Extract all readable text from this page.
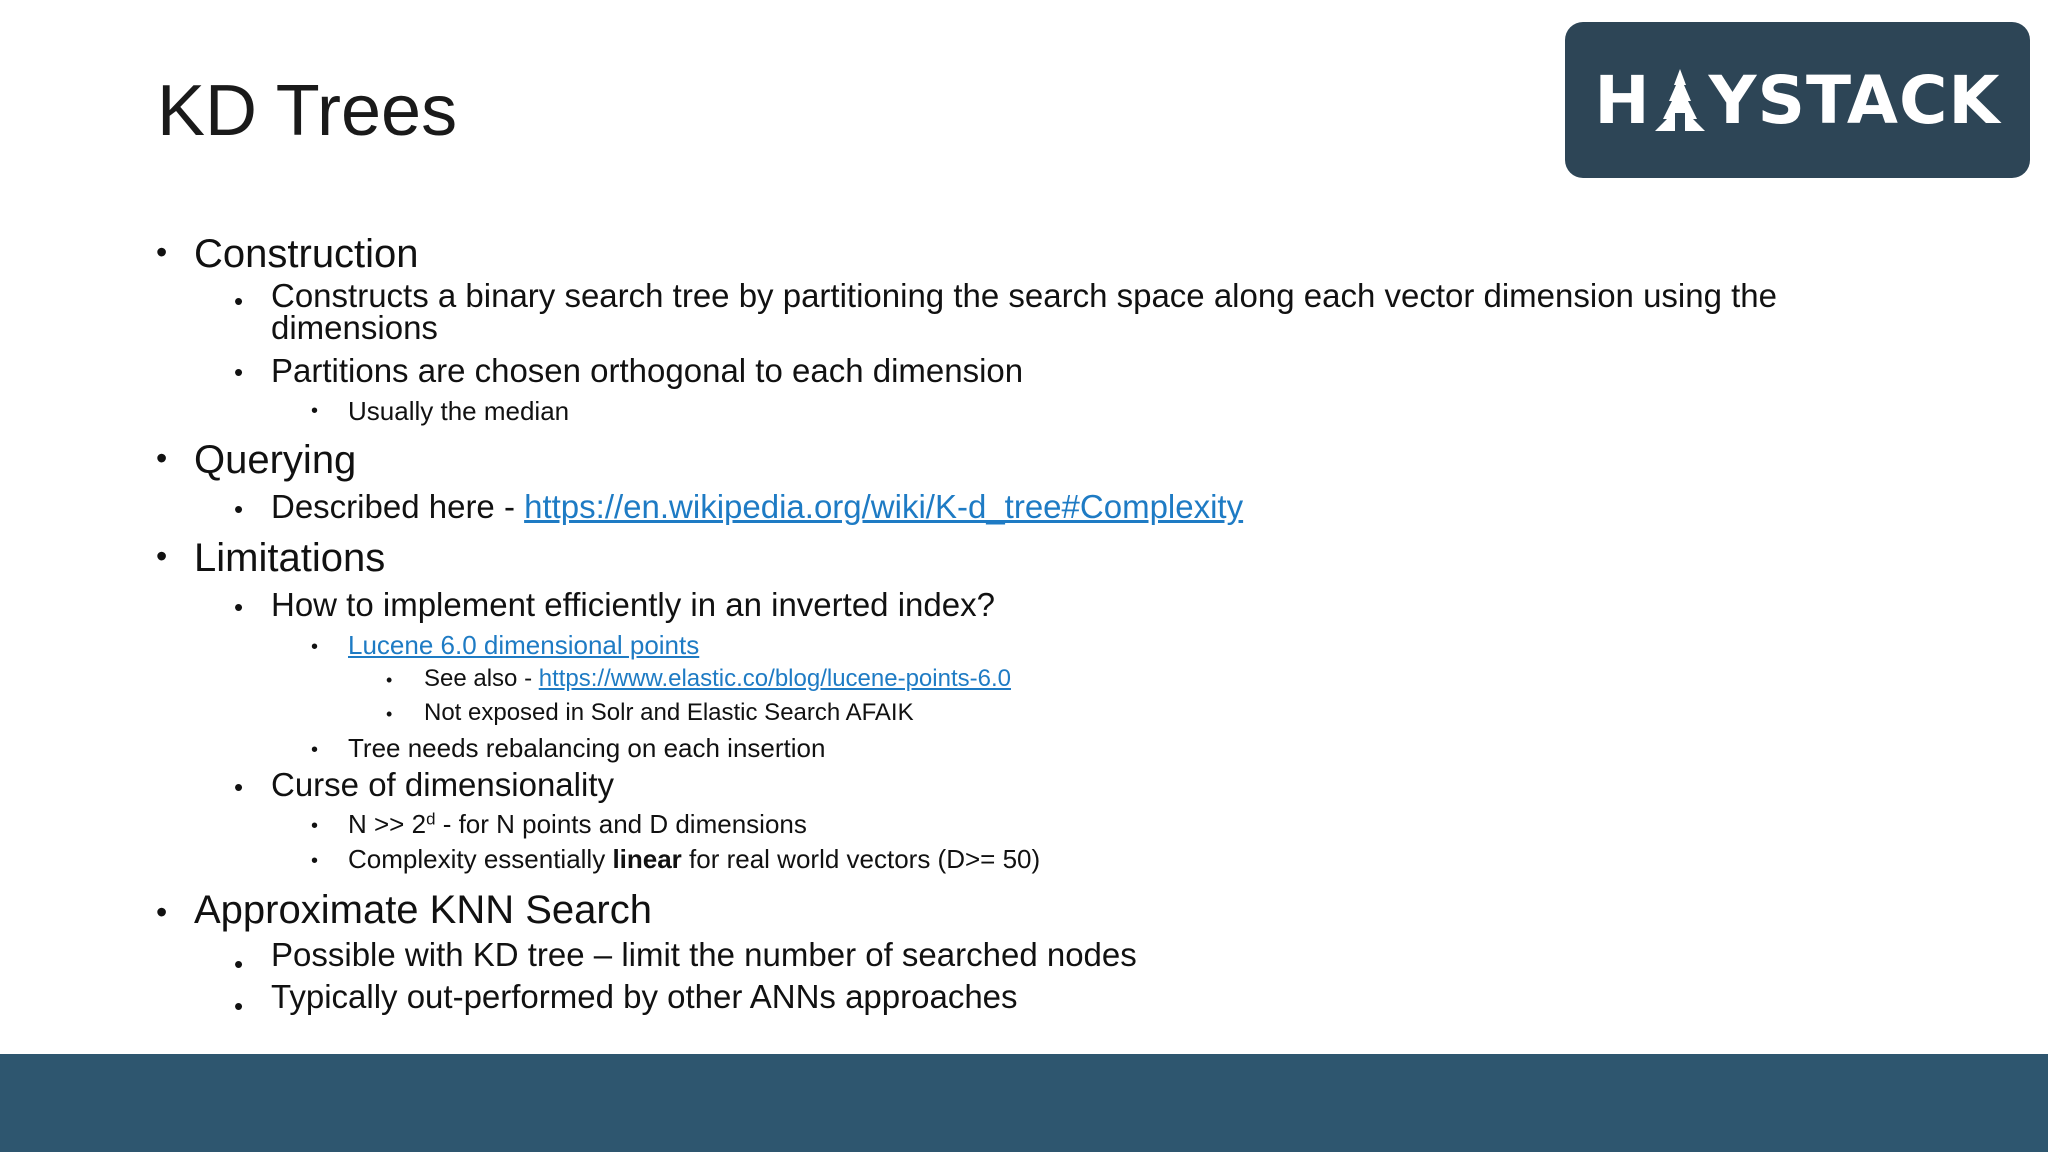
KD Trees	H YSTACK
• Construction
• Constructs a binary search tree by partitioning the search space along each vector dimension using the
dimensions
• Partitions are chosen orthogonal to each dimension
• Usually the median
• Querying
• Described here - https://en.wikipedia.org/wiki/K-d_tree#Complexity
• Limitations
• How to implement efficiently in an inverted index?
• Lucene 6.0 dimensional points
• See also - https://www.elastic.co/blog/lucene-points-6.0
• Not exposed in Solr and Elastic Search AFAIK
• Tree needs rebalancing on each insertion
• Curse of dimensionality
• $N >> 2^d$ - for N points and D dimensions
• Complexity essentially linear for real world vectors (D>= 50)
• Approximate KNN Search
• Possible with KD tree – limit the number of searched nodes
• Typically out-performed by other ANNs approaches
